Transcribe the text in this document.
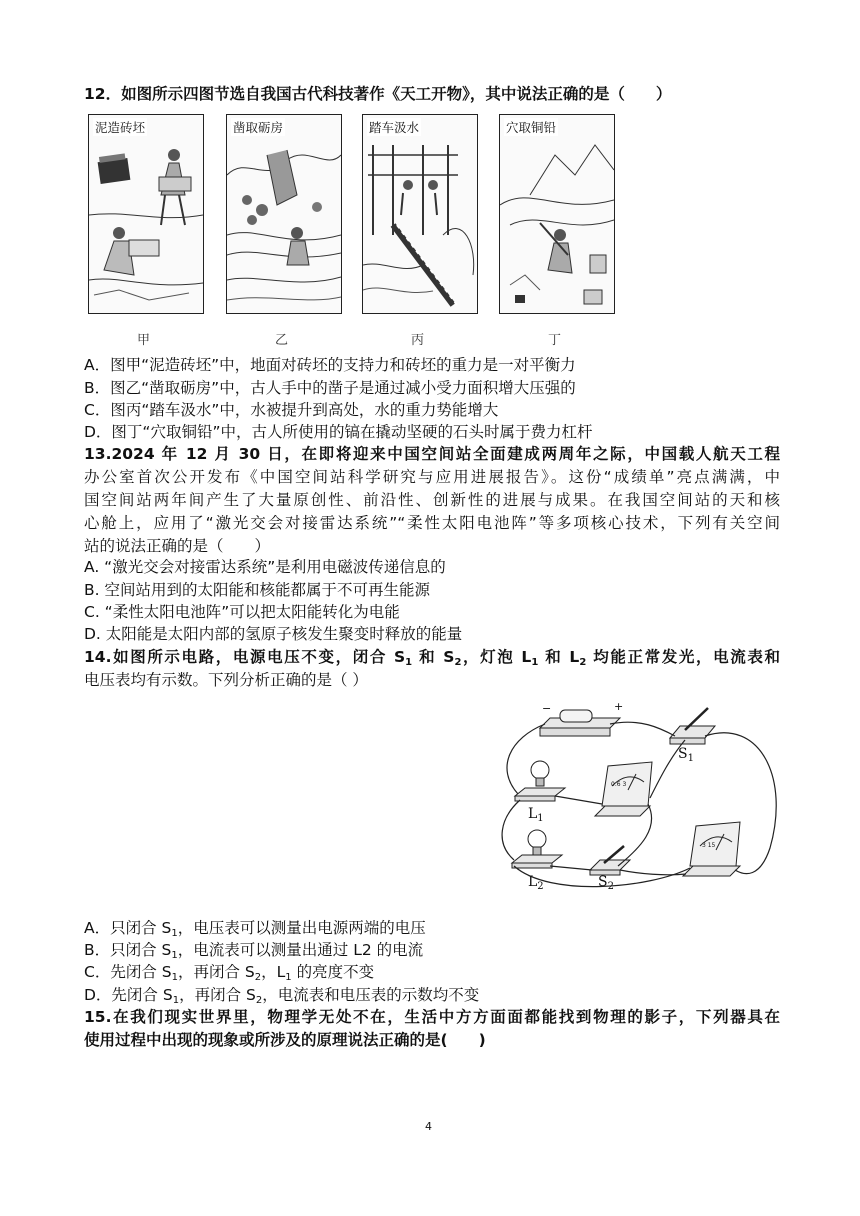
12．如图所示四图节选自我国古代科技著作《天工开物》，其中说法正确的是（　　）
泥造砖坯
甲
凿取砺房
乙
踏车汲水
丙
穴取铜铅
丁
A．图甲“泥造砖坯”中，地面对砖坯的支持力和砖坯的重力是一对平衡力
B．图乙“凿取砺房”中，古人手中的凿子是通过减小受力面积增大压强的
C．图丙“踏车汲水”中，水被提升到高处，水的重力势能增大
D．图丁“穴取铜铅”中，古人所使用的镐在撬动坚硬的石头时属于费力杠杆
13.2024 年 12 月 30 日，在即将迎来中国空间站全面建成两周年之际，中国载人航天工程
办公室首次公开发布《中国空间站科学研究与应用进展报告》。这份“成绩单”亮点满满，中
国空间站两年间产生了大量原创性、前沿性、创新性的进展与成果。在我国空间站的天和核
心舱上，应用了“激光交会对接雷达系统”“柔性太阳电池阵”等多项核心技术，下列有关空间
站的说法正确的是（　　）
A. “激光交会对接雷达系统”是利用电磁波传递信息的
B. 空间站用到的太阳能和核能都属于不可再生能源
C. “柔性太阳电池阵”可以把太阳能转化为电能
D. 太阳能是太阳内部的氢原子核发生聚变时释放的能量
14.如图所示电路，电源电压不变，闭合 $S_1$ 和 $S_2$，灯泡 $L_1$ 和 $L_2$ 均能正常发光，电流表和
电压表均有示数。下列分析正确的是（ ）
−	+
0.6 3
3 15
$S_1$
$L_1$
$L_2$	$S_2$
A．只闭合 $S_1$，电压表可以测量出电源两端的电压
B．只闭合 $S_1$，电流表可以测量出通过 L2 的电流
C．先闭合 $S_1$，再闭合 $S_2$，$L_1$ 的亮度不变
D．先闭合 $S_1$，再闭合 $S_2$，电流表和电压表的示数均不变
15.在我们现实世界里，物理学无处不在，生活中方方面面都能找到物理的影子，下列器具在
使用过程中出现的现象或所涉及的原理说法正确的是(　　)
4
